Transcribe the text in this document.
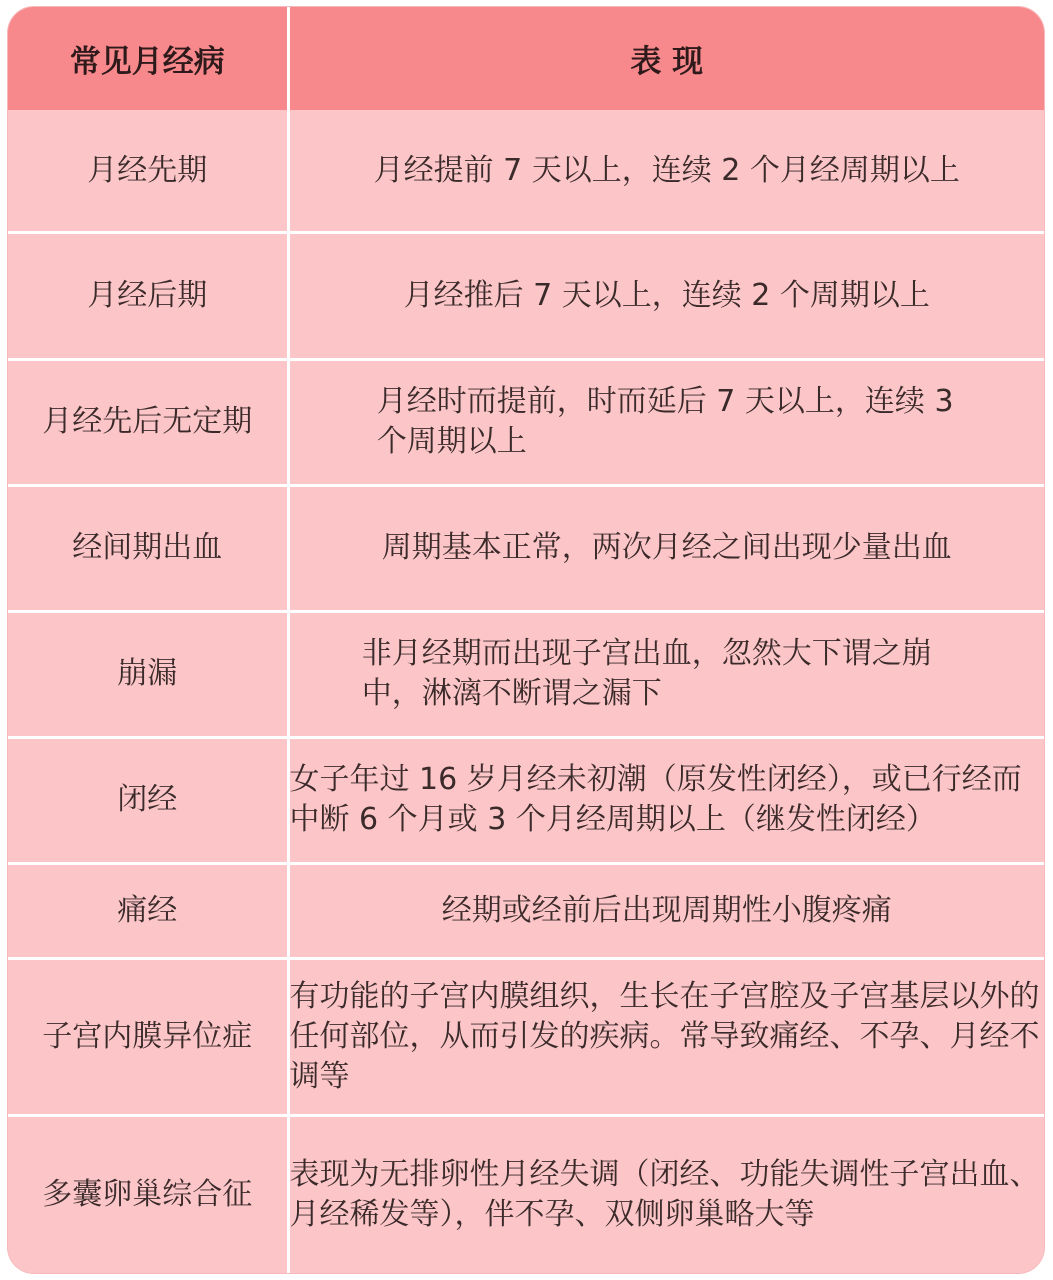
常见月经病	表 现
月经先期	月经提前 7 天以上，连续 2 个月经周期以上
月经后期	月经推后 7 天以上，连续 2 个周期以上
月经先后无定期	月经时而提前，时而延后 7 天以上，连续 3 个周期以上
经间期出血	周期基本正常，两次月经之间出现少量出血
崩漏	非月经期而出现子宫出血，忽然大下谓之崩中，淋漓不断谓之漏下
闭经	女子年过 16 岁月经未初潮（原发性闭经），或已行经而中断 6 个月或 3 个月经周期以上（继发性闭经）
痛经	经期或经前后出现周期性小腹疼痛
子宫内膜异位症	有功能的子宫内膜组织，生长在子宫腔及子宫基层以外的任何部位，从而引发的疾病。常导致痛经、不孕、月经不调等
多囊卵巢综合征	表现为无排卵性月经失调（闭经、功能失调性子宫出血、月经稀发等），伴不孕、双侧卵巢略大等
